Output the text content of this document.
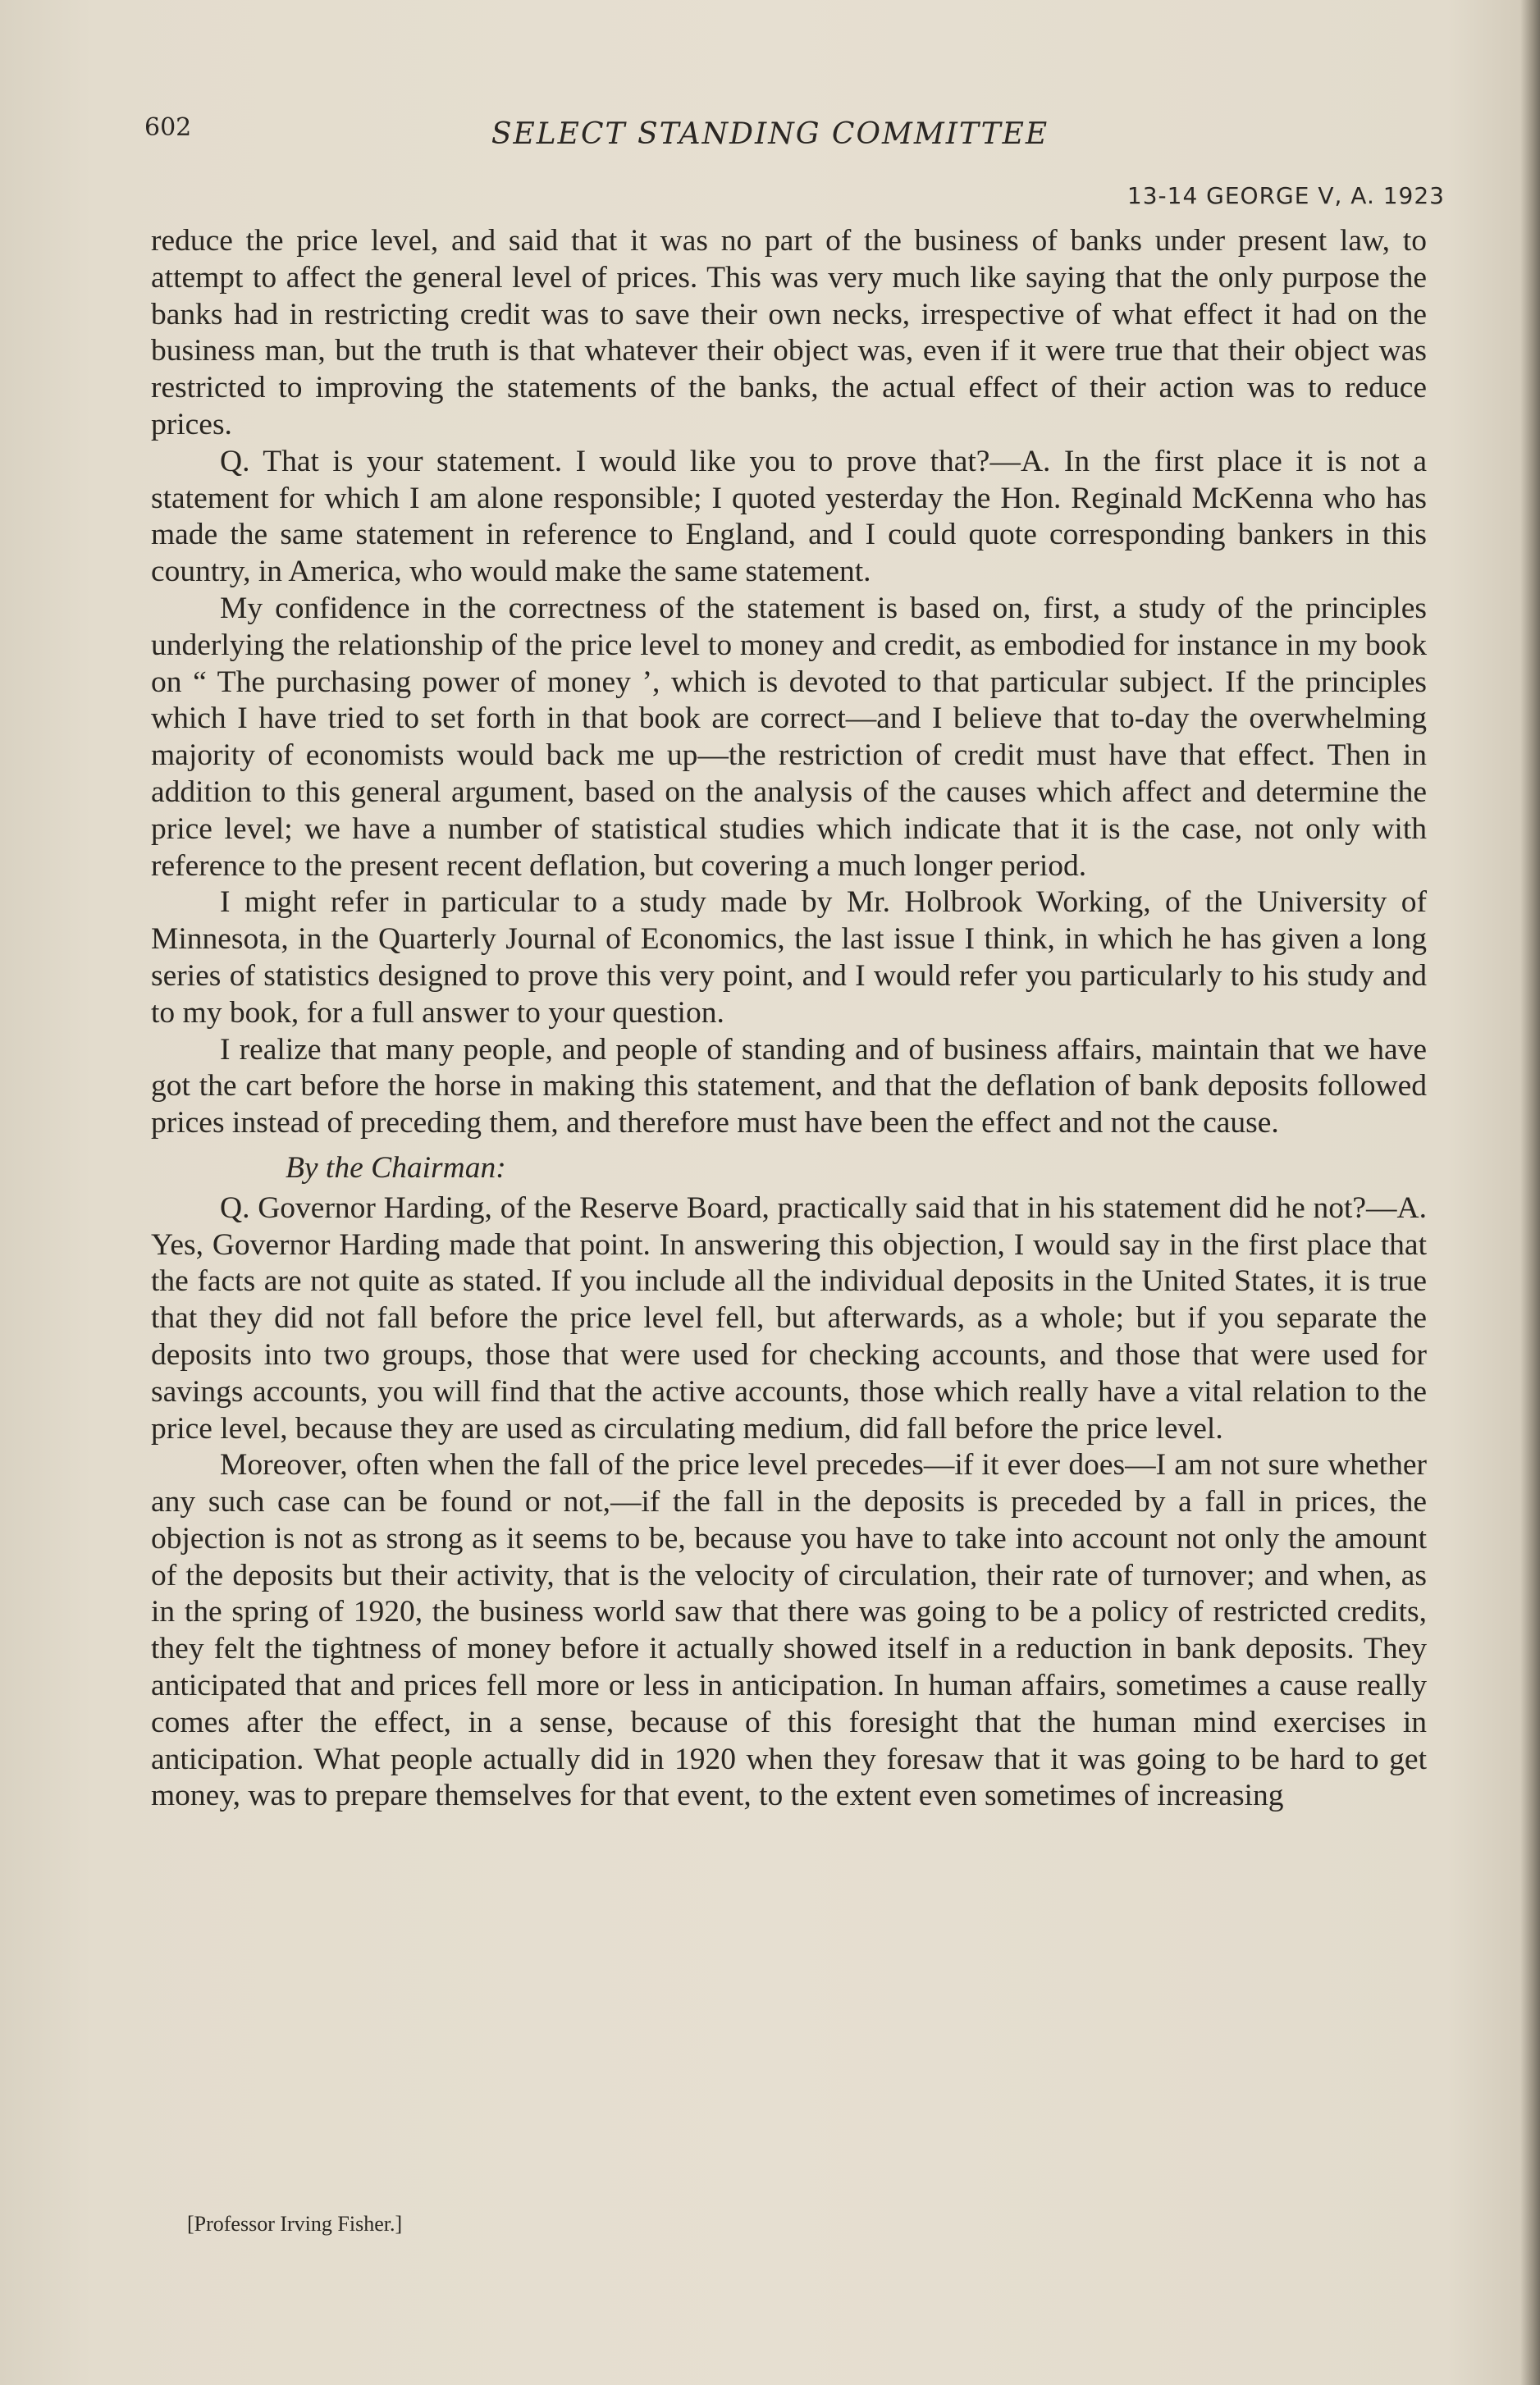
602	SELECT STANDING COMMITTEE
13-14 GEORGE V, A. 1923

reduce the price level, and said that it was no part of the business of banks under present law, to attempt to affect the general level of prices. This was very much like saying that the only purpose the banks had in restricting credit was to save their own necks, irrespective of what effect it had on the business man, but the truth is that whatever their object was, even if it were true that their object was restricted to improving the statements of the banks, the actual effect of their action was to reduce prices.

Q. That is your statement. I would like you to prove that?—A. In the first place it is not a statement for which I am alone responsible; I quoted yesterday the Hon. Reginald McKenna who has made the same statement in reference to England, and I could quote corresponding bankers in this country, in America, who would make the same statement.

My confidence in the correctness of the statement is based on, first, a study of the principles underlying the relationship of the price level to money and credit, as embodied for instance in my book on “ The purchasing power of money ’, which is devoted to that particular subject. If the principles which I have tried to set forth in that book are correct—and I believe that to-day the overwhelming majority of economists would back me up—the restriction of credit must have that effect. Then in addition to this general argument, based on the analysis of the causes which affect and determine the price level; we have a number of statistical studies which indicate that it is the case, not only with reference to the present recent deflation, but covering a much longer period.

I might refer in particular to a study made by Mr. Holbrook Working, of the University of Minnesota, in the Quarterly Journal of Economics, the last issue I think, in which he has given a long series of statistics designed to prove this very point, and I would refer you particularly to his study and to my book, for a full answer to your question.

I realize that many people, and people of standing and of business affairs, maintain that we have got the cart before the horse in making this statement, and that the deflation of bank deposits followed prices instead of preceding them, and therefore must have been the effect and not the cause.

By the Chairman:

Q. Governor Harding, of the Reserve Board, practically said that in his statement did he not?—A. Yes, Governor Harding made that point. In answering this objection, I would say in the first place that the facts are not quite as stated. If you include all the individual deposits in the United States, it is true that they did not fall before the price level fell, but afterwards, as a whole; but if you separate the deposits into two groups, those that were used for checking accounts, and those that were used for savings accounts, you will find that the active accounts, those which really have a vital relation to the price level, because they are used as circulating medium, did fall before the price level.

Moreover, often when the fall of the price level precedes—if it ever does—I am not sure whether any such case can be found or not,—if the fall in the deposits is preceded by a fall in prices, the objection is not as strong as it seems to be, because you have to take into account not only the amount of the deposits but their activity, that is the velocity of circulation, their rate of turnover; and when, as in the spring of 1920, the business world saw that there was going to be a policy of restricted credits, they felt the tightness of money before it actually showed itself in a reduction in bank deposits. They anticipated that and prices fell more or less in anticipation. In human affairs, sometimes a cause really comes after the effect, in a sense, because of this foresight that the human mind exercises in anticipation. What people actually did in 1920 when they foresaw that it was going to be hard to get money, was to prepare themselves for that event, to the extent even sometimes of increasing

[Professor Irving Fisher.]
